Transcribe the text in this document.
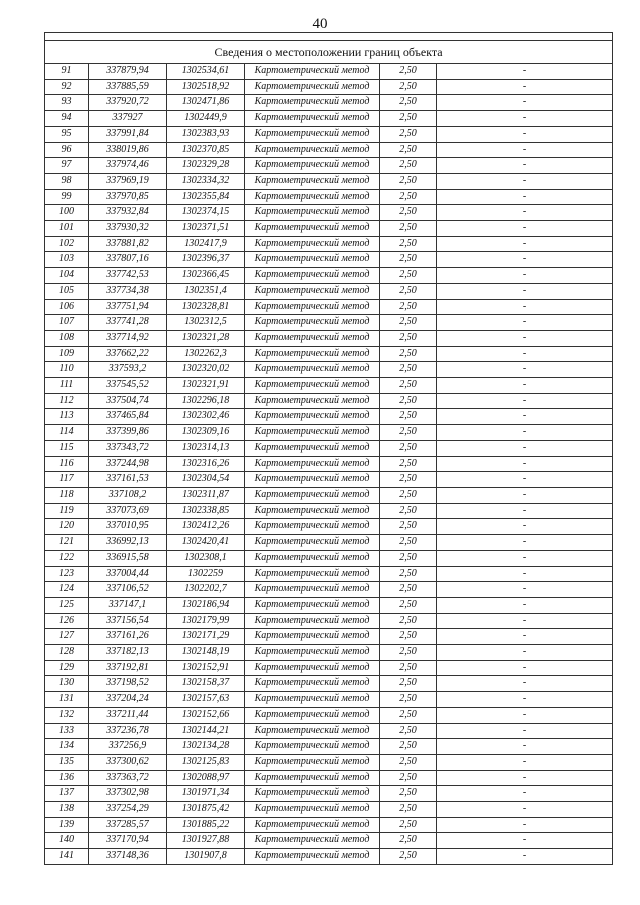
40

Сведения о местоположении границ объекта					
91	337879,94	1302534,61	Картометрический метод	2,50	-
92	337885,59	1302518,92	Картометрический метод	2,50	-
93	337920,72	1302471,86	Картометрический метод	2,50	-
94	337927	1302449,9	Картометрический метод	2,50	-
95	337991,84	1302383,93	Картометрический метод	2,50	-
96	338019,86	1302370,85	Картометрический метод	2,50	-
97	337974,46	1302329,28	Картометрический метод	2,50	-
98	337969,19	1302334,32	Картометрический метод	2,50	-
99	337970,85	1302355,84	Картометрический метод	2,50	-
100	337932,84	1302374,15	Картометрический метод	2,50	-
101	337930,32	1302371,51	Картометрический метод	2,50	-
102	337881,82	1302417,9	Картометрический метод	2,50	-
103	337807,16	1302396,37	Картометрический метод	2,50	-
104	337742,53	1302366,45	Картометрический метод	2,50	-
105	337734,38	1302351,4	Картометрический метод	2,50	-
106	337751,94	1302328,81	Картометрический метод	2,50	-
107	337741,28	1302312,5	Картометрический метод	2,50	-
108	337714,92	1302321,28	Картометрический метод	2,50	-
109	337662,22	1302262,3	Картометрический метод	2,50	-
110	337593,2	1302320,02	Картометрический метод	2,50	-
111	337545,52	1302321,91	Картометрический метод	2,50	-
112	337504,74	1302296,18	Картометрический метод	2,50	-
113	337465,84	1302302,46	Картометрический метод	2,50	-
114	337399,86	1302309,16	Картометрический метод	2,50	-
115	337343,72	1302314,13	Картометрический метод	2,50	-
116	337244,98	1302316,26	Картометрический метод	2,50	-
117	337161,53	1302304,54	Картометрический метод	2,50	-
118	337108,2	1302311,87	Картометрический метод	2,50	-
119	337073,69	1302338,85	Картометрический метод	2,50	-
120	337010,95	1302412,26	Картометрический метод	2,50	-
121	336992,13	1302420,41	Картометрический метод	2,50	-
122	336915,58	1302308,1	Картометрический метод	2,50	-
123	337004,44	1302259	Картометрический метод	2,50	-
124	337106,52	1302202,7	Картометрический метод	2,50	-
125	337147,1	1302186,94	Картометрический метод	2,50	-
126	337156,54	1302179,99	Картометрический метод	2,50	-
127	337161,26	1302171,29	Картометрический метод	2,50	-
128	337182,13	1302148,19	Картометрический метод	2,50	-
129	337192,81	1302152,91	Картометрический метод	2,50	-
130	337198,52	1302158,37	Картометрический метод	2,50	-
131	337204,24	1302157,63	Картометрический метод	2,50	-
132	337211,44	1302152,66	Картометрический метод	2,50	-
133	337236,78	1302144,21	Картометрический метод	2,50	-
134	337256,9	1302134,28	Картометрический метод	2,50	-
135	337300,62	1302125,83	Картометрический метод	2,50	-
136	337363,72	1302088,97	Картометрический метод	2,50	-
137	337302,98	1301971,34	Картометрический метод	2,50	-
138	337254,29	1301875,42	Картометрический метод	2,50	-
139	337285,57	1301885,22	Картометрический метод	2,50	-
140	337170,94	1301927,88	Картометрический метод	2,50	-
141	337148,36	1301907,8	Картометрический метод	2,50	-
